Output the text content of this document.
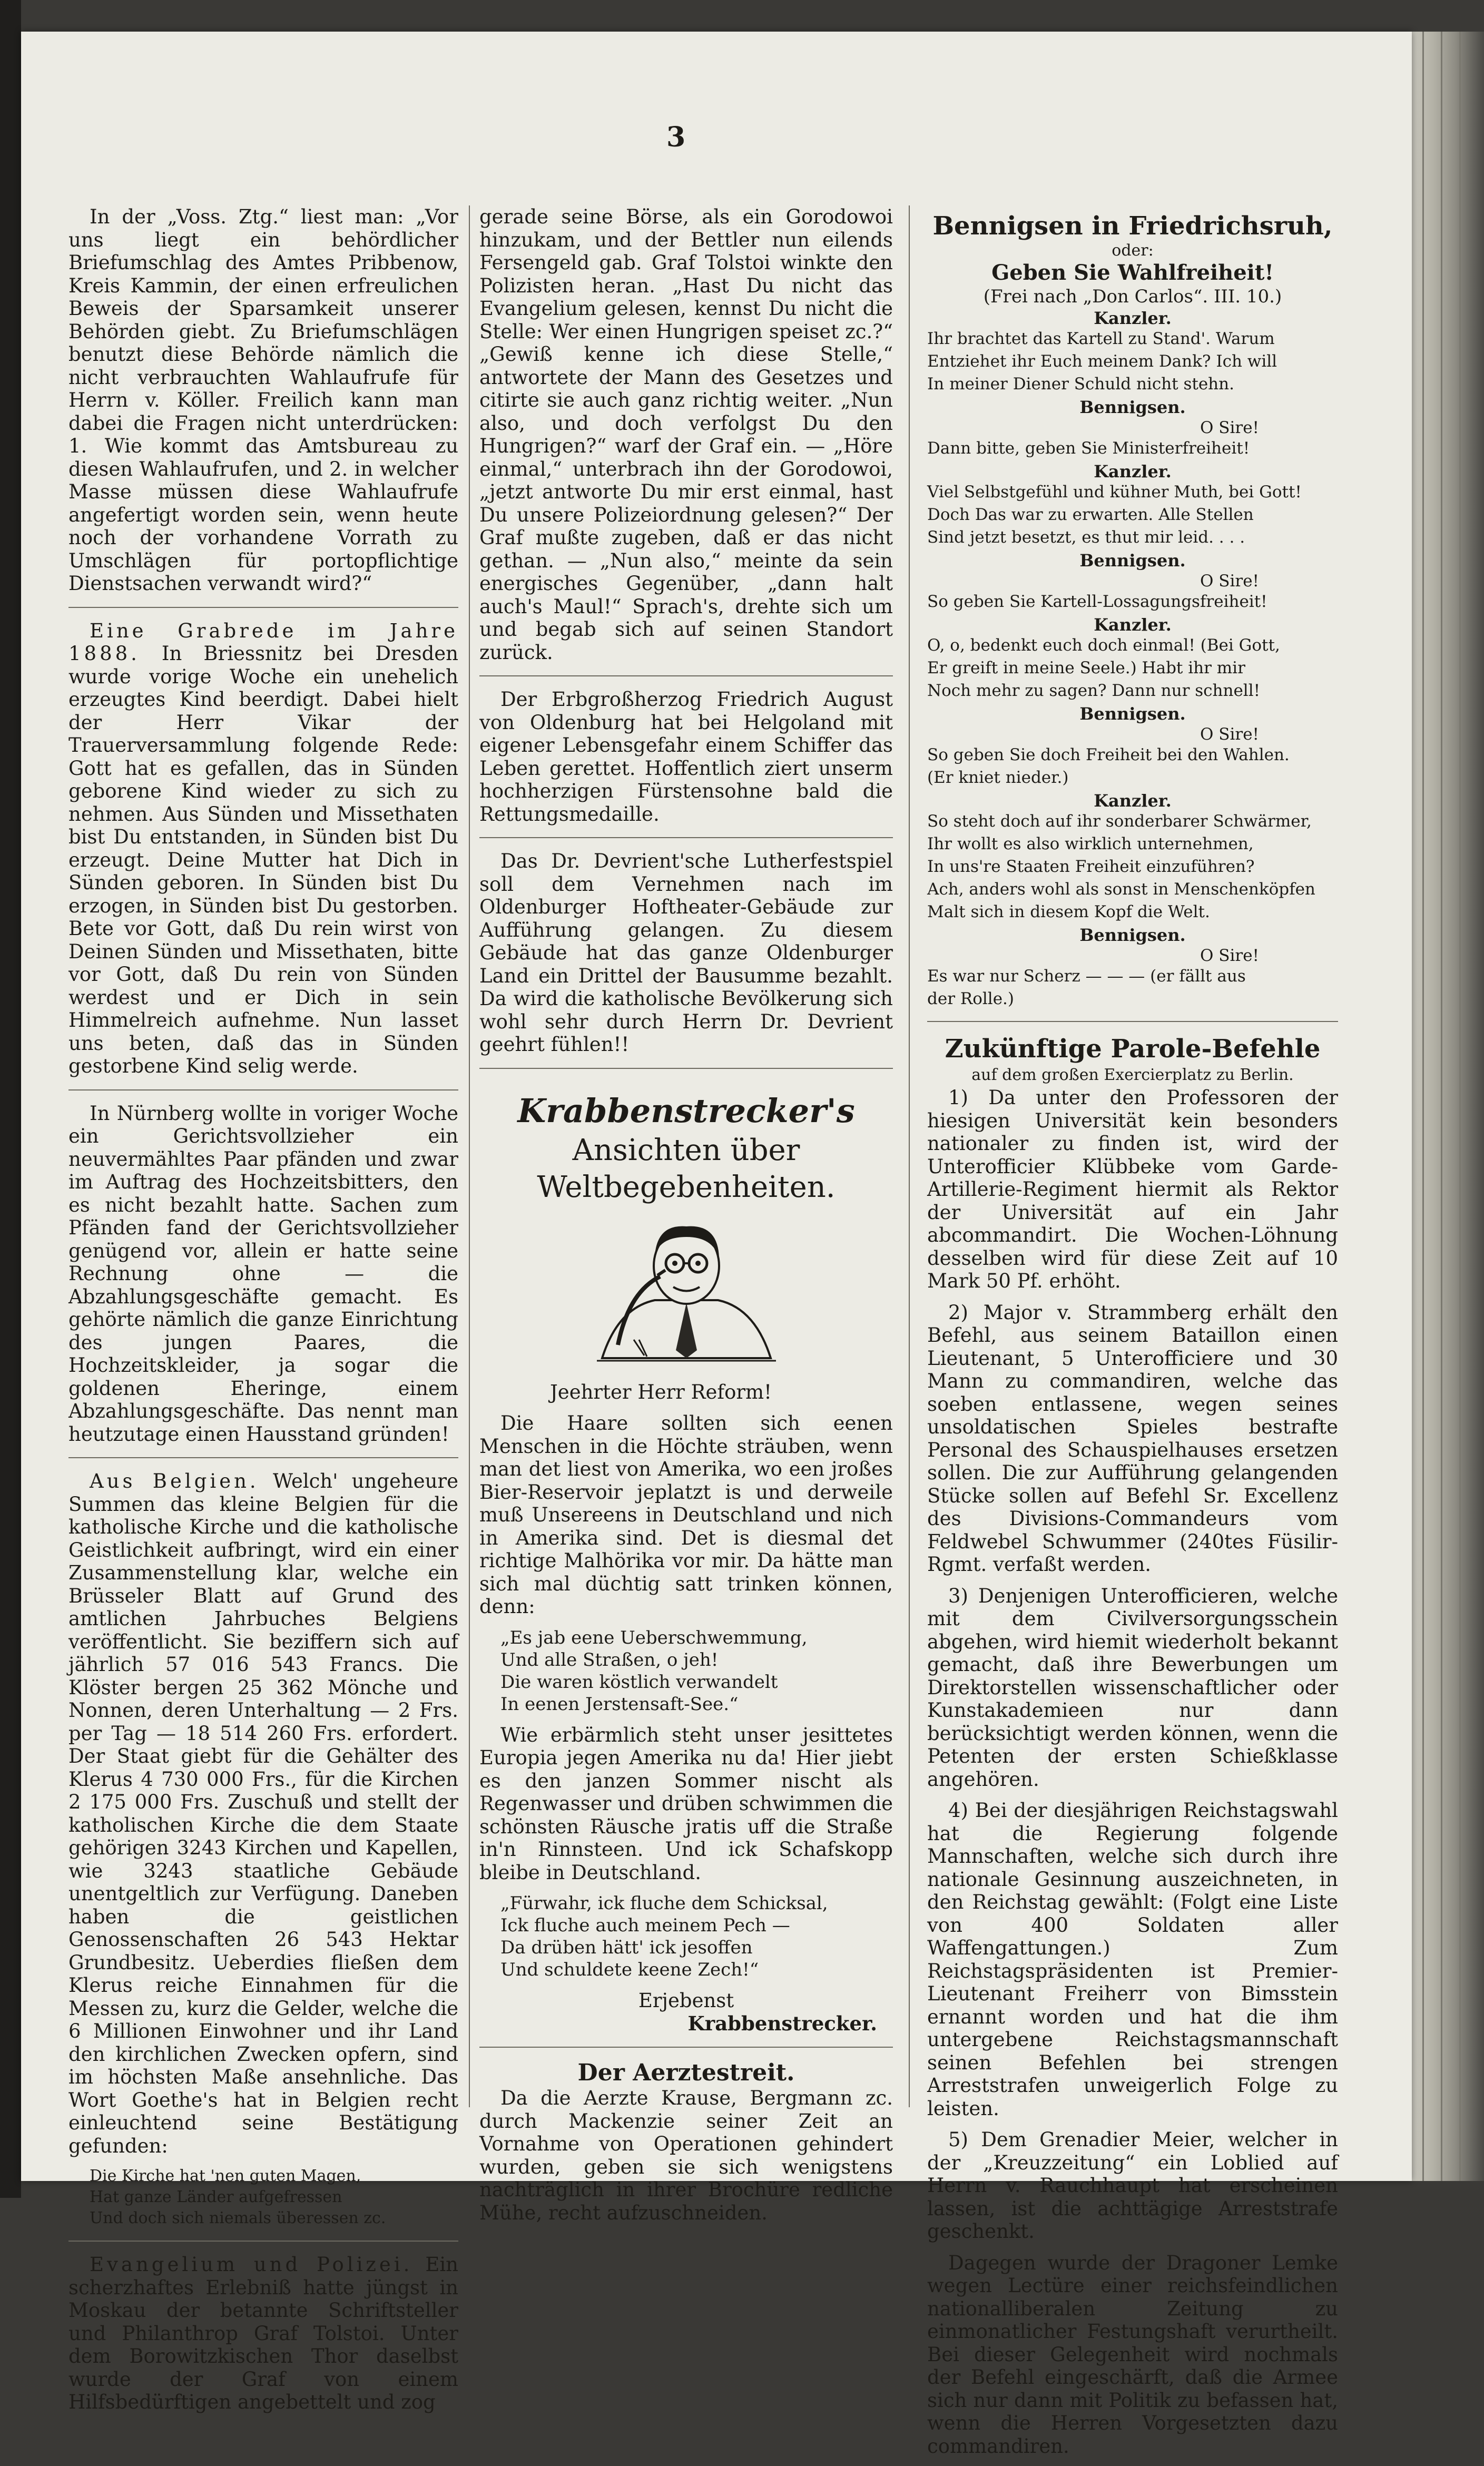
3

In der „Voss. Ztg.“ liest man: „Vor uns liegt ein behördlicher Briefumschlag des Amtes Pribbenow, Kreis Kammin, der einen erfreulichen Beweis der Sparsamkeit unserer Behörden giebt. Zu Briefumschlägen benutzt diese Behörde nämlich die nicht verbrauchten Wahlaufrufe für Herrn v. Köller. Freilich kann man dabei die Fragen nicht unterdrücken: 1. Wie kommt das Amtsbureau zu diesen Wahlaufrufen, und 2. in welcher Masse müssen diese Wahlaufrufe angefertigt worden sein, wenn heute noch der vorhandene Vorrath zu Umschlägen für portopflichtige Dienstsachen verwandt wird?“

Eine Grabrede im Jahre 1888. In Briessnitz bei Dresden wurde vorige Woche ein unehelich erzeugtes Kind beerdigt. Dabei hielt der Herr Vikar der Trauerversammlung folgende Rede: Gott hat es gefallen, das in Sünden geborene Kind wieder zu sich zu nehmen. Aus Sünden und Missethaten bist Du entstanden, in Sünden bist Du erzeugt. Deine Mutter hat Dich in Sünden geboren. In Sünden bist Du erzogen, in Sünden bist Du gestorben. Bete vor Gott, daß Du rein wirst von Deinen Sünden und Missethaten, bitte vor Gott, daß Du rein von Sünden werdest und er Dich in sein Himmelreich aufnehme. Nun lasset uns beten, daß das in Sünden gestorbene Kind selig werde.

In Nürnberg wollte in voriger Woche ein Gerichtsvollzieher ein neuvermähltes Paar pfänden und zwar im Auftrag des Hochzeitsbitters, den es nicht bezahlt hatte. Sachen zum Pfänden fand der Gerichtsvollzieher genügend vor, allein er hatte seine Rechnung ohne — die Abzahlungsgeschäfte gemacht. Es gehörte nämlich die ganze Einrichtung des jungen Paares, die Hochzeitskleider, ja sogar die goldenen Eheringe, einem Abzahlungsgeschäfte. Das nennt man heutzutage einen Hausstand gründen!

Aus Belgien. Welch' ungeheure Summen das kleine Belgien für die katholische Kirche und die katholische Geistlichkeit aufbringt, wird ein einer Zusammenstellung klar, welche ein Brüsseler Blatt auf Grund des amtlichen Jahrbuches Belgiens veröffentlicht. Sie beziffern sich auf jährlich 57 016 543 Francs. Die Klöster bergen 25 362 Mönche und Nonnen, deren Unterhaltung — 2 Frs. per Tag — 18 514 260 Frs. erfordert. Der Staat giebt für die Gehälter des Klerus 4 730 000 Frs., für die Kirchen 2 175 000 Frs. Zuschuß und stellt der katholischen Kirche die dem Staate gehörigen 3243 Kirchen und Kapellen, wie 3243 staatliche Gebäude unentgeltlich zur Verfügung. Daneben haben die geistlichen Genossenschaften 26 543 Hektar Grundbesitz. Ueberdies fließen dem Klerus reiche Einnahmen für die Messen zu, kurz die Gelder, welche die 6 Millionen Einwohner und ihr Land den kirchlichen Zwecken opfern, sind im höchsten Maße ansehnliche. Das Wort Goethe's hat in Belgien recht einleuchtend seine Bestätigung gefunden:

Die Kirche hat 'nen guten Magen,
Hat ganze Länder aufgefressen
Und doch sich niemals überessen zc.

Evangelium und Polizei. Ein scherzhaftes Erlebniß hatte jüngst in Moskau der betannte Schriftsteller und Philanthrop Graf Tolstoi. Unter dem Borowitzkischen Thor daselbst wurde der Graf von einem Hilfsbedürftigen angebettelt und zog

gerade seine Börse, als ein Gorodowoi hinzukam, und der Bettler nun eilends Fersengeld gab. Graf Tolstoi winkte den Polizisten heran. „Hast Du nicht das Evangelium gelesen, kennst Du nicht die Stelle: Wer einen Hungrigen speiset zc.?“ „Gewiß kenne ich diese Stelle,“ antwortete der Mann des Gesetzes und citirte sie auch ganz richtig weiter. „Nun also, und doch verfolgst Du den Hungrigen?“ warf der Graf ein. — „Höre einmal,“ unterbrach ihn der Gorodowoi, „jetzt antworte Du mir erst einmal, hast Du unsere Polizeiordnung gelesen?“ Der Graf mußte zugeben, daß er das nicht gethan. — „Nun also,“ meinte da sein energisches Gegenüber, „dann halt auch's Maul!“ Sprach's, drehte sich um und begab sich auf seinen Standort zurück.

Der Erbgroßherzog Friedrich August von Oldenburg hat bei Helgoland mit eigener Lebensgefahr einem Schiffer das Leben gerettet. Hoffentlich ziert unserm hochherzigen Fürstensohne bald die Rettungsmedaille.

Das Dr. Devrient'sche Lutherfestspiel soll dem Vernehmen nach im Oldenburger Hoftheater-Gebäude zur Aufführung gelangen. Zu diesem Gebäude hat das ganze Oldenburger Land ein Drittel der Bausumme bezahlt. Da wird die katholische Bevölkerung sich wohl sehr durch Herrn Dr. Devrient geehrt fühlen!!

Krabbenstrecker's
Ansichten über Weltbegebenheiten.

Jeehrter Herr Reform!

Die Haare sollten sich eenen Menschen in die Höchte sträuben, wenn man det liest von Amerika, wo een jroßes Bier-Reservoir jeplatzt is und derweile muß Unsereens in Deutschland und nich in Amerika sind. Det is diesmal det richtige Malhörika vor mir. Da hätte man sich mal düchtig satt trinken können, denn:

„Es jab eene Ueberschwemmung,
Und alle Straßen, o jeh!
Die waren köstlich verwandelt
In eenen Jerstensaft-See.“

Wie erbärmlich steht unser jesittetes Europia jegen Amerika nu da! Hier jiebt es den janzen Sommer nischt als Regenwasser und drüben schwimmen die schönsten Räusche jratis uff die Straße in'n Rinnsteen. Und ick Schafskopp bleibe in Deutschland.

„Fürwahr, ick fluche dem Schicksal,
Ick fluche auch meinem Pech —
Da drüben hätt' ick jesoffen
Und schuldete keene Zech!“
Erjebenst
Krabbenstrecker.
Der Aerztestreit.

Da die Aerzte Krause, Bergmann zc. durch Mackenzie seiner Zeit an Vornahme von Operationen gehindert wurden, geben sie sich wenigstens nachträglich in ihrer Brochüre redliche Mühe, recht aufzuschneiden.

Bennigsen in Friedrichsruh,
oder:
Geben Sie Wahlfreiheit!
(Frei nach „Don Carlos“. III. 10.)
Kanzler.
Ihr brachtet das Kartell zu Stand'. Warum
Entziehet ihr Euch meinem Dank? Ich will
In meiner Diener Schuld nicht stehn.
Bennigsen.
O Sire!
Dann bitte, geben Sie Ministerfreiheit!
Kanzler.
Viel Selbstgefühl und kühner Muth, bei Gott!
Doch Das war zu erwarten. Alle Stellen
Sind jetzt besetzt, es thut mir leid. . . .
Bennigsen.
O Sire!
So geben Sie Kartell-Lossagungsfreiheit!
Kanzler.
O, o, bedenkt euch doch einmal! (Bei Gott,
Er greift in meine Seele.) Habt ihr mir
Noch mehr zu sagen? Dann nur schnell!
Bennigsen.
O Sire!
So geben Sie doch Freiheit bei den Wahlen.
(Er kniet nieder.)
Kanzler.
So steht doch auf ihr sonderbarer Schwärmer,
Ihr wollt es also wirklich unternehmen,
In uns're Staaten Freiheit einzuführen?
Ach, anders wohl als sonst in Menschenköpfen
Malt sich in diesem Kopf die Welt.
Bennigsen.
O Sire!
Es war nur Scherz — — — (er fällt aus
der Rolle.)
Zukünftige Parole-Befehle
auf dem großen Exercierplatz zu Berlin.

1) Da unter den Professoren der hiesigen Universität kein besonders nationaler zu finden ist, wird der Unterofficier Klübbeke vom Garde-Artillerie-Regiment hiermit als Rektor der Universität auf ein Jahr abcommandirt. Die Wochen-Löhnung desselben wird für diese Zeit auf 10 Mark 50 Pf. erhöht.

2) Major v. Strammberg erhält den Befehl, aus seinem Bataillon einen Lieutenant, 5 Unterofficiere und 30 Mann zu commandiren, welche das soeben entlassene, wegen seines unsoldatischen Spieles bestrafte Personal des Schauspielhauses ersetzen sollen. Die zur Aufführung gelangenden Stücke sollen auf Befehl Sr. Excellenz des Divisions-Commandeurs vom Feldwebel Schwummer (240tes Füsilir-Rgmt. verfaßt werden.

3) Denjenigen Unterofficieren, welche mit dem Civilversorgungsschein abgehen, wird hiemit wiederholt bekannt gemacht, daß ihre Bewerbungen um Direktorstellen wissenschaftlicher oder Kunstakademieen nur dann berücksichtigt werden können, wenn die Petenten der ersten Schießklasse angehören.

4) Bei der diesjährigen Reichstagswahl hat die Regierung folgende Mannschaften, welche sich durch ihre nationale Gesinnung auszeichneten, in den Reichstag gewählt: (Folgt eine Liste von 400 Soldaten aller Waffengattungen.) Zum Reichstagspräsidenten ist Premier-Lieutenant Freiherr von Bimsstein ernannt worden und hat die ihm untergebene Reichstagsmannschaft seinen Befehlen bei strengen Arreststrafen unweigerlich Folge zu leisten.

5) Dem Grenadier Meier, welcher in der „Kreuzzeitung“ ein Loblied auf Herrn v. Rauchhaupt hat erscheinen lassen, ist die achttägige Arreststrafe geschenkt.

Dagegen wurde der Dragoner Lemke wegen Lectüre einer reichsfeindlichen nationalliberalen Zeitung zu einmonatlicher Festungshaft verurtheilt. Bei dieser Gelegenheit wird nochmals der Befehl eingeschärft, daß die Armee sich nur dann mit Politik zu befassen hat, wenn die Herren Vorgesetzten dazu commandiren.
